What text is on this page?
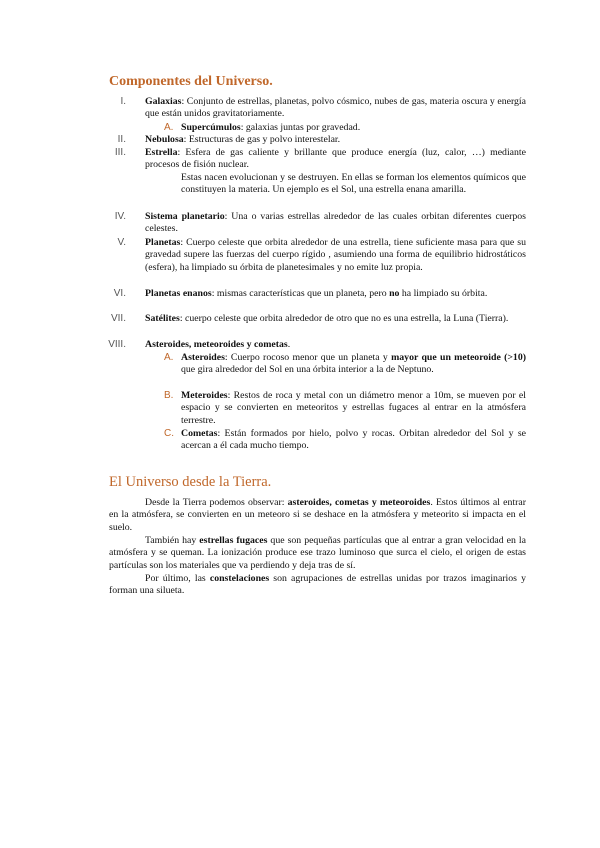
Componentes del Universo.
I. Galaxias: Conjunto de estrellas, planetas, polvo cósmico, nubes de gas, materia oscura y energía que están unidos gravitatoriamente.
A. Supercúmulos: galaxias juntas por gravedad.
II. Nebulosa: Estructuras de gas y polvo interestelar.
III. Estrella: Esfera de gas caliente y brillante que produce energía (luz, calor, …) mediante procesos de fisión nuclear.
Estas nacen evolucionan y se destruyen. En ellas se forman los elementos químicos que constituyen la materia. Un ejemplo es el Sol, una estrella enana amarilla.
IV. Sistema planetario: Una o varias estrellas alrededor de las cuales orbitan diferentes cuerpos celestes.
V. Planetas: Cuerpo celeste que orbita alrededor de una estrella, tiene suficiente masa para que su gravedad supere las fuerzas del cuerpo rígido , asumiendo una forma de equilibrio hidrostáticos (esfera), ha limpiado su órbita de planetesimales y no emite luz propia.
VI. Planetas enanos: mismas características que un planeta, pero no ha limpiado su órbita.
VII. Satélites: cuerpo celeste que orbita alrededor de otro que no es una estrella, la Luna (Tierra).
VIII. Asteroides, meteoroides y cometas.
A. Asteroides: Cuerpo rocoso menor que un planeta y mayor que un meteoroide (>10) que gira alrededor del Sol en una órbita interior a la de Neptuno.
B. Meteroides: Restos de roca y metal con un diámetro menor a 10m, se mueven por el espacio y se convierten en meteoritos y estrellas fugaces al entrar en la atmósfera terrestre.
C. Cometas: Están formados por hielo, polvo y rocas. Orbitan alrededor del Sol y se acercan a él cada mucho tiempo.
El Universo desde la Tierra.
Desde la Tierra podemos observar: asteroides, cometas y meteoroides. Estos últimos al entrar en la atmósfera, se convierten en un meteoro si se deshace en la atmósfera y meteorito si impacta en el suelo.
También hay estrellas fugaces que son pequeñas partículas que al entrar a gran velocidad en la atmósfera y se queman. La ionización produce ese trazo luminoso que surca el cielo, el origen de estas partículas son los materiales que va perdiendo y deja tras de sí.
Por último, las constelaciones son agrupaciones de estrellas unidas por trazos imaginarios y forman una silueta.
